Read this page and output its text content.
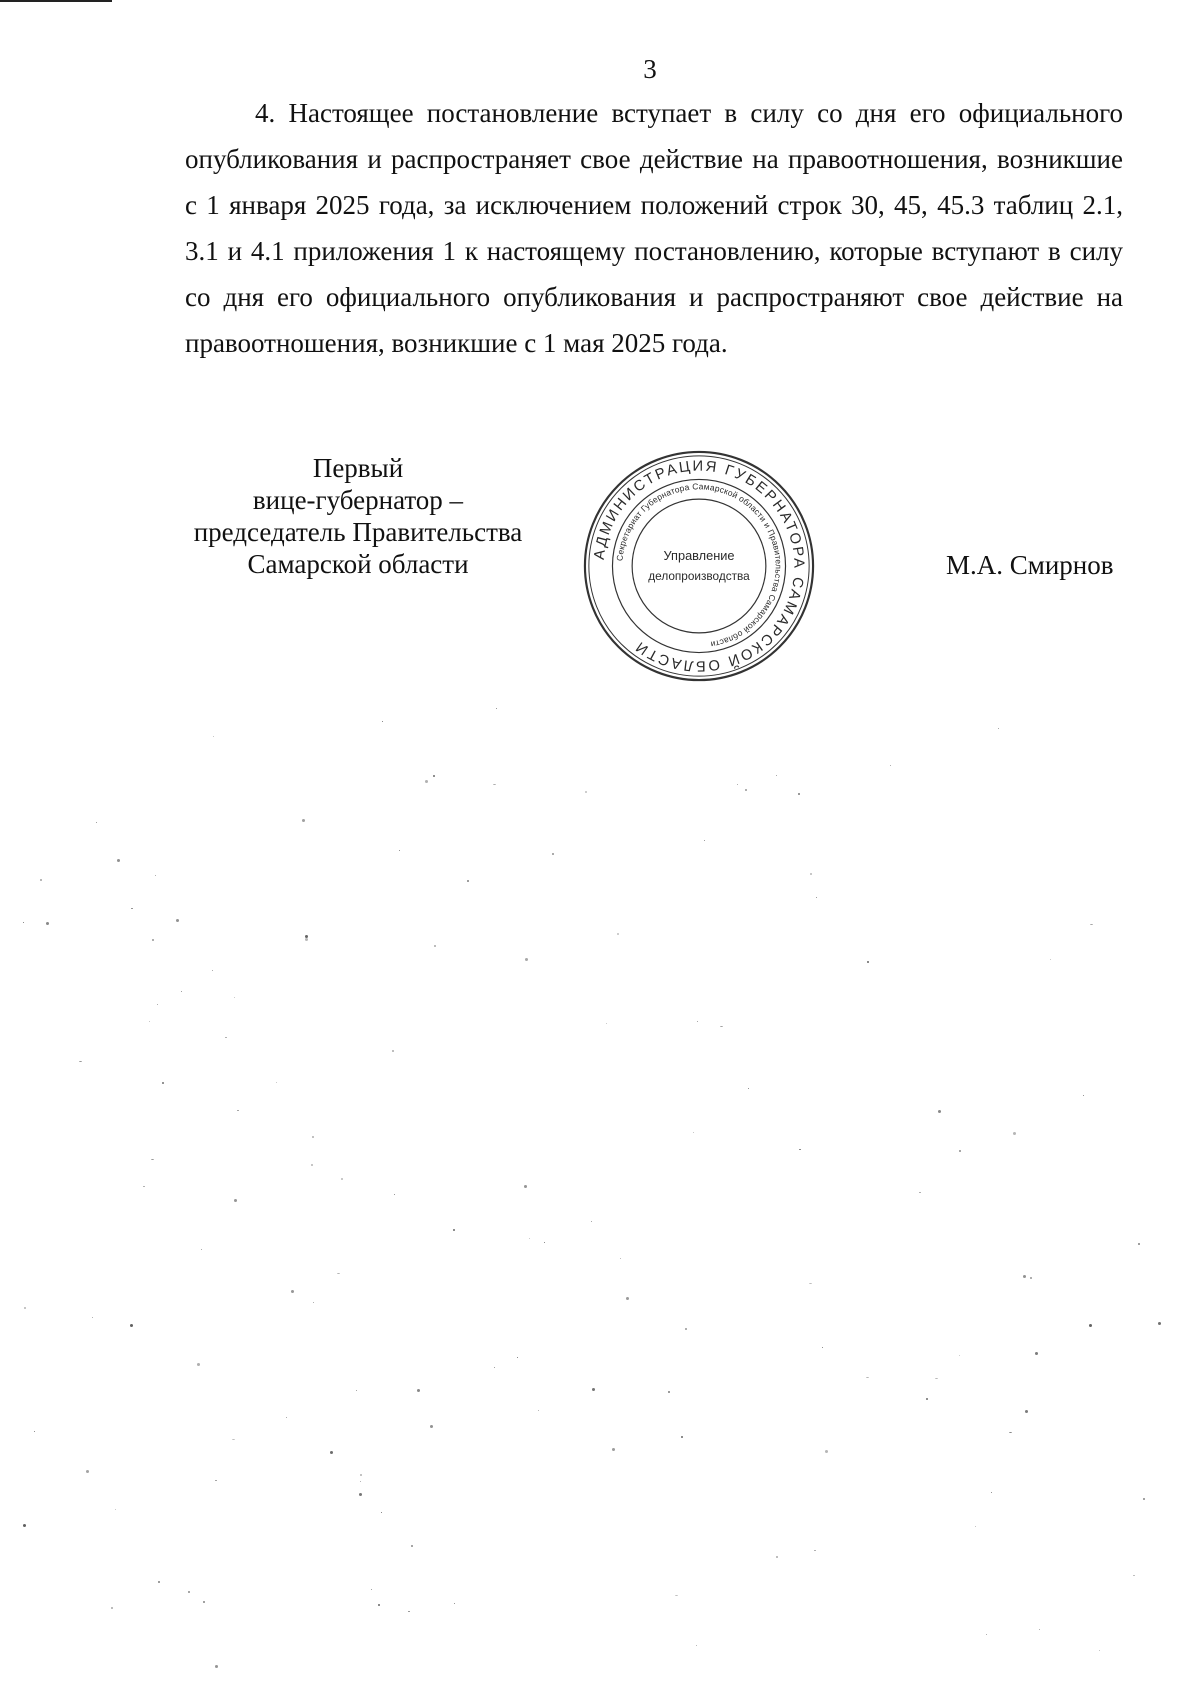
3

4. Настоящее постановление вступает в силу со дня его официального опубликования и распространяет свое действие на правоотношения, возникшие с 1 января 2025 года, за исключением положений строк 30, 45, 45.3 таблиц 2.1, 3.1 и 4.1 приложения 1 к настоящему постановлению, которые вступают в силу со дня его официального опубликования и распространяют свое действие на правоотношения, возникшие с 1 мая 2025 года.

Первый
вице-губернатор –
председатель Правительства
Самарской области	АДМИНИСТРАЦИЯ ГУБЕРНАТОРА САМАРСКОЙ ОБЛАСТИ
Секретариат Губернатора Самарской области и Правительства Самарской области
Управление
делопроизводства	М.А. Смирнов
